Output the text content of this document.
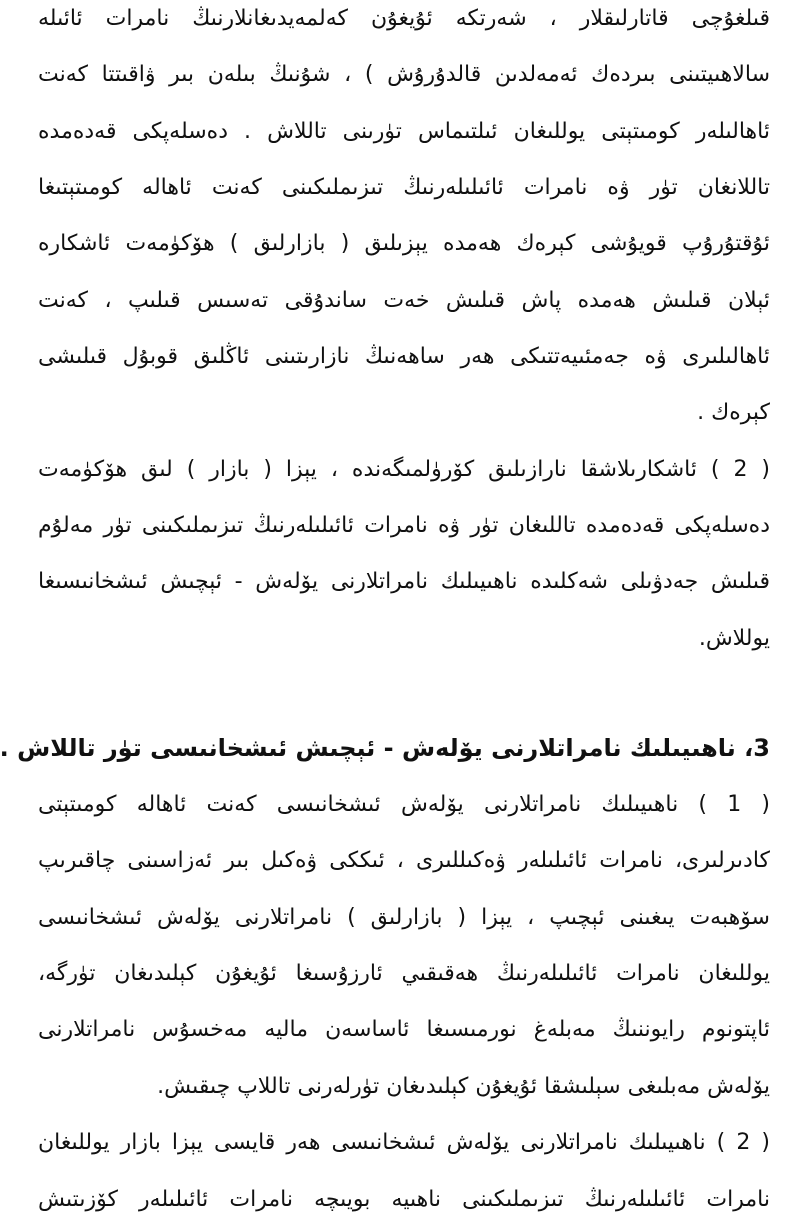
قىلغۇچى قاتارلىقلار ، شەرتكە ئۇيغۇن كەلمەيدىغانلارنىڭ نامرات ئائىلە
سالاھىيتىنى بىردەك ئەمەلدىن قالدۇرۇش ) ، شۇنىڭ بىلەن بىر ۋاقىتتا كەنت
ئاھالىلەر كومىتېتى يوللىغان ئىلتىماس تۈرىنى تاللاش . دەسلەپكى قەدەمدە
تاللانغان تۈر ۋە نامرات ئائىلىلەرنىڭ تىزىملىكىنى كەنت ئاھالە كومىتېتىغا
ئۇقتۇرۇپ قويۇشى كېرەك ھەمدە يېزىلىق ( بازارلىق ) ھۆكۈمەت ئاشكارە
ئېلان قىلىش ھەمدە پاش قىلىش خەت ساندۇقى تەسىس قىلىپ ، كەنت
ئاھالىلىرى ۋە جەمئىيەتتىكى ھەر ساھەنىڭ نازارىتىنى ئاڭلىق قوبۇل قىلىشى
كېرەك .
( 2 ) ئاشكارىلاشقا نارازىلىق كۆرۈلمىگەندە ، يېزا ( بازار ) لىق ھۆكۈمەت
دەسلەپكى قەدەمدە تاللىغان تۈر ۋە نامرات ئائىلىلەرنىڭ تىزىملىكىنى تۈر مەلۇم
قىلىش جەدۋىلى شەكلىدە ناھىيىلىك نامراتلارنى يۆلەش - ئېچىش ئىشخانىسىغا
يوللاش.
3، ناھىيىلىك نامراتلارنى يۆلەش - ئېچىش ئىشخانىسى تۈر تاللاش .
( 1 ) ناھىيىلىك نامراتلارنى يۆلەش ئىشخانىسى كەنت ئاھالە كومىتېتى
كادىرلىرى، نامرات ئائىلىلەر ۋەكىللىرى ، ئىككى ۋەكىل بىر ئەزاسىنى چاقىرىپ
سۆھبەت يىغىنى ئېچىپ ، يېزا ( بازارلىق ) نامراتلارنى يۆلەش ئىشخانىسى
يوللىغان نامرات ئائىلىلەرنىڭ ھەقىقىي ئارزۇسىغا ئۇيغۇن كېلىدىغان تۈرگە،
ئاپتونوم رايوننىڭ مەبلەغ نورمىسىغا ئاساسەن ماليە مەخسۇس نامراتلارنى
يۆلەش مەبلىغى سېلىشقا ئۇيغۇن كېلىدىغان تۈرلەرنى تاللاپ چىقىش.
( 2 ) ناھىيىلىك نامراتلارنى يۆلەش ئىشخانىسى ھەر قايسى يېزا بازار يوللىغان
نامرات ئائىلىلەرنىڭ تىزىملىكىنى ناھىيە بويىچە نامرات ئائىلىلەر كۆزىتىش
